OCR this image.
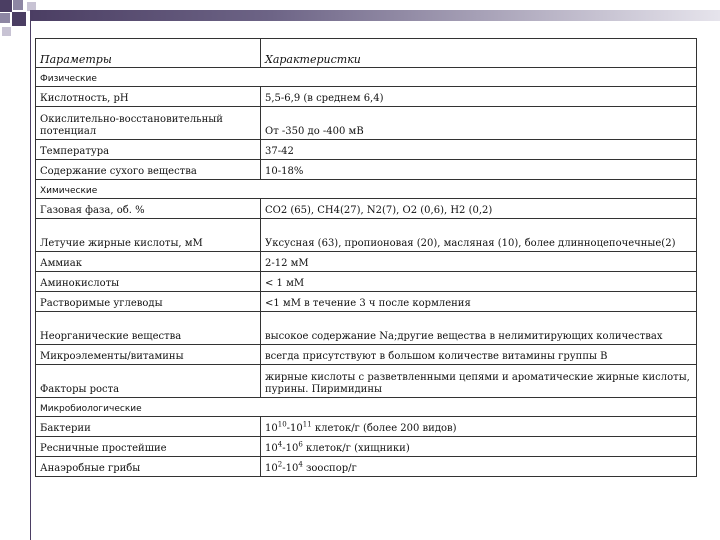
Параметры	Характеристки
Физические	
Кислотность, рН	5,5-6,9 (в среднем 6,4)
Окислительно-восстановительный потенциал	От -350 до -400 мВ
Температура	37-42
Содержание сухого вещества	10-18%
Химические	
Газовая фаза, об. %	CO2 (65), CH4(27), N2(7), O2 (0,6), H2 (0,2)
Летучие жирные кислоты, мМ	Уксусная (63), пропионовая (20), масляная (10), более длинноцепочечные(2)
Аммиак	2-12 мМ
Аминокислоты	< 1 мМ
Растворимые углеводы	<1 мМ в течение 3 ч после кормления
Неорганические вещества	высокое содержание Na;другие вещества в нелимитирующих количествах
Микроэлементы/витамины	всегда присутствуют в большом количестве витамины группы В
Факторы роста	жирные кислоты с разветвленными цепями и ароматические жирные кислоты, пурины. Пиримидины
Микробиологические	
Бактерии	$10^{10}-10^{11}$ клеток/г (более 200 видов)
Ресничные простейшие	$10^4-10^6$ клеток/г (хищники)
Анаэробные грибы	$10^2-10^4$ зооспор/г
